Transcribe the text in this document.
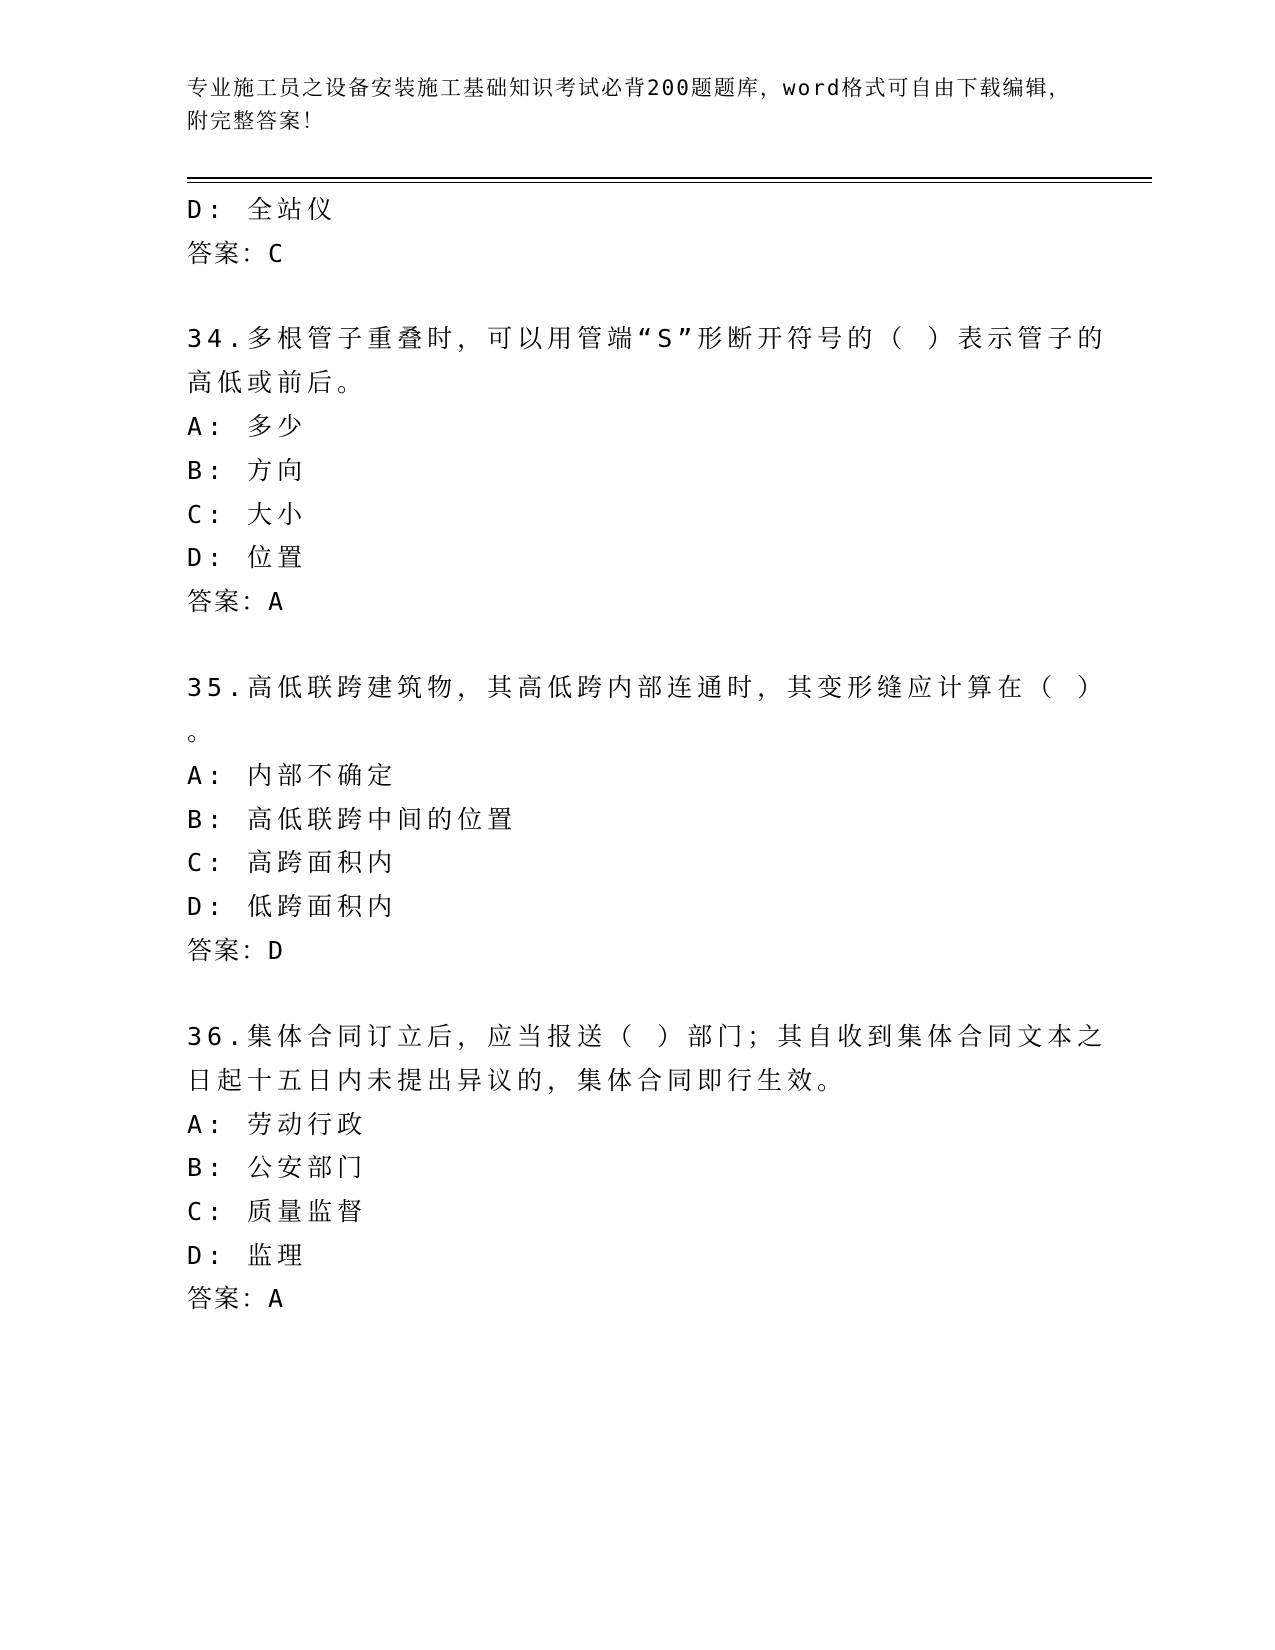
专业施工员之设备安装施工基础知识考试必背200题题库，word格式可自由下载编辑，附完整答案！
D: 全站仪
答案：C
34.多根管子重叠时，可以用管端“S”形断开符号的（ ）表示管子的
高低或前后。
A: 多少
B: 方向
C: 大小
D: 位置
答案：A
35.高低联跨建筑物，其高低跨内部连通时，其变形缝应计算在（ ）
。
A: 内部不确定
B: 高低联跨中间的位置
C: 高跨面积内
D: 低跨面积内
答案：D
36.集体合同订立后，应当报送（ ）部门；其自收到集体合同文本之
日起十五日内未提出异议的，集体合同即行生效。
A: 劳动行政
B: 公安部门
C: 质量监督
D: 监理
答案：A
